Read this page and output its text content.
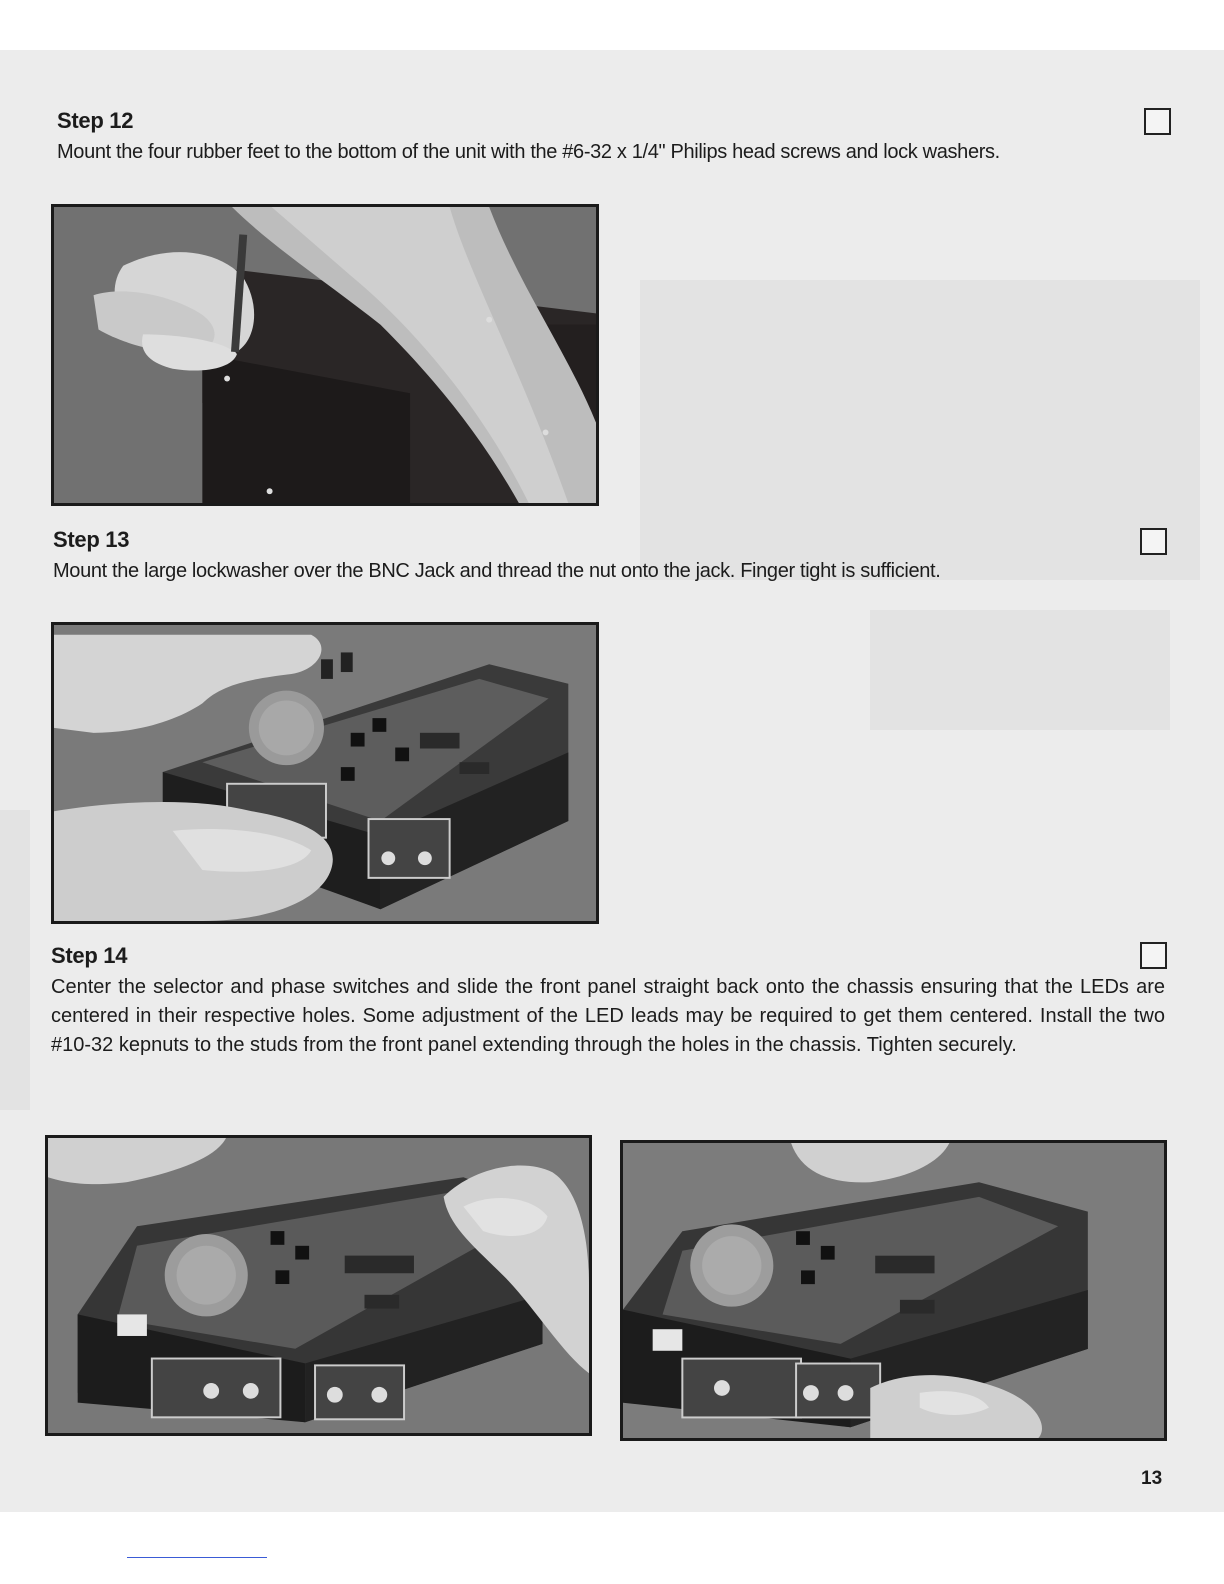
Step 12

Mount the four rubber feet to the bottom of the unit with the #6-32 x 1/4" Philips head screws and lock washers.

Step 13

Mount the large lockwasher over the BNC Jack and thread the nut onto the jack. Finger tight is sufficient.

Step 14

Center the selector and phase switches and slide the front panel straight back onto the chassis ensuring that the LEDs are centered in their respective holes. Some adjustment of the LED leads may be required to get them centered. Install the two #10-32 kepnuts to the studs from the front panel extending through the holes in the chassis. Tighten securely.

13
